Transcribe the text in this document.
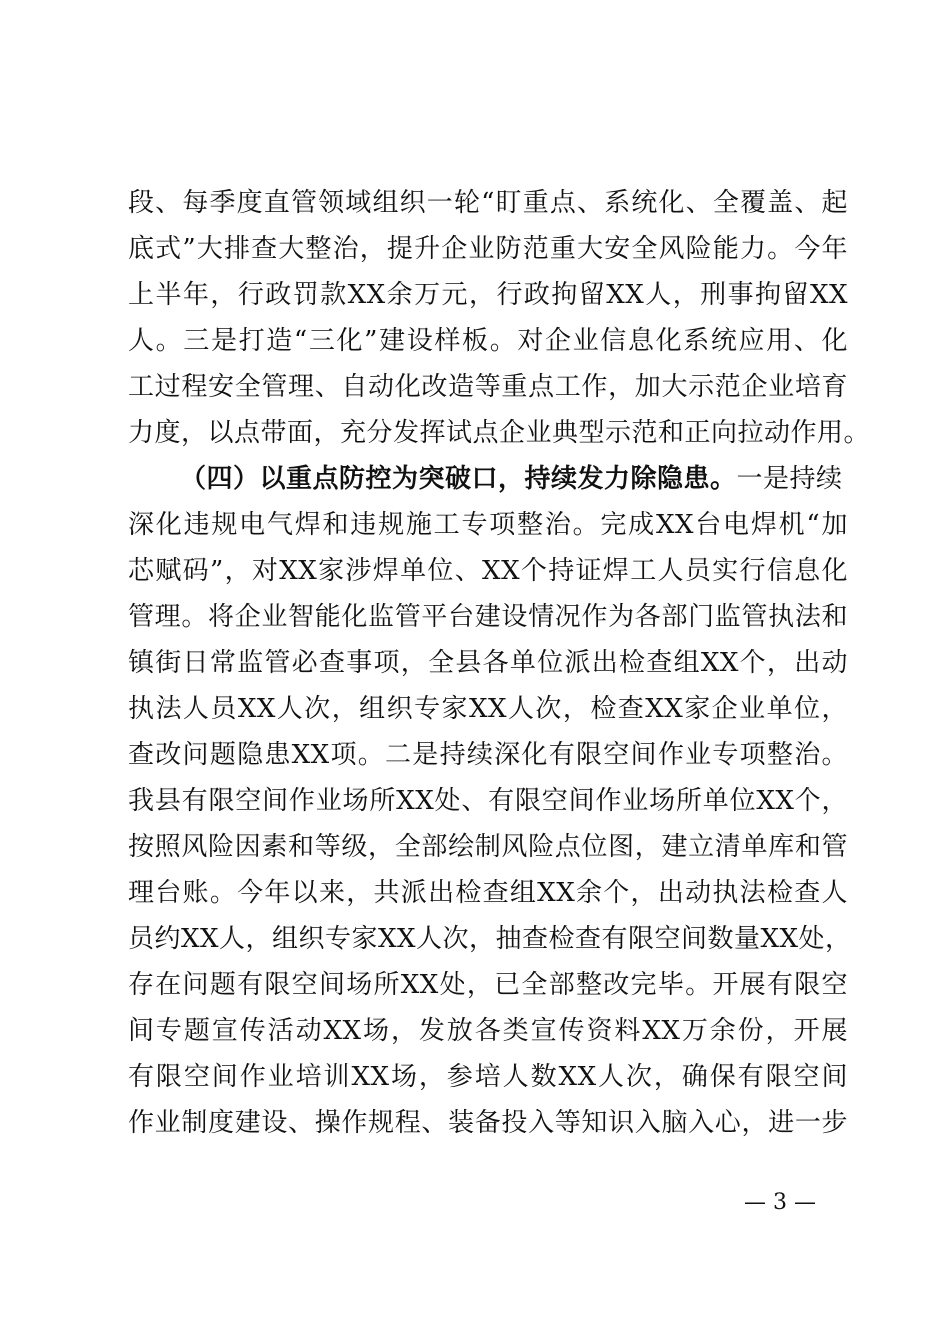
段、每季度直管领域组织一轮“盯重点、系统化、全覆盖、起
底式”大排查大整治，提升企业防范重大安全风险能力。今年
上半年，行政罚款XX余万元，行政拘留XX人，刑事拘留XX
人。三是打造“三化”建设样板。对企业信息化系统应用、化
工过程安全管理、自动化改造等重点工作，加大示范企业培育
力度，以点带面，充分发挥试点企业典型示范和正向拉动作用。
（四）以重点防控为突破口，持续发力除隐患。一是持续
深化违规电气焊和违规施工专项整治。完成XX台电焊机“加
芯赋码”，对XX家涉焊单位、XX个持证焊工人员实行信息化
管理。将企业智能化监管平台建设情况作为各部门监管执法和
镇街日常监管必查事项，全县各单位派出检查组XX个，出动
执法人员XX人次，组织专家XX人次，检查XX家企业单位，
查改问题隐患XX项。二是持续深化有限空间作业专项整治。
我县有限空间作业场所XX处、有限空间作业场所单位XX个，
按照风险因素和等级，全部绘制风险点位图，建立清单库和管
理台账。今年以来，共派出检查组XX余个，出动执法检查人
员约XX人，组织专家XX人次，抽查检查有限空间数量XX处，
存在问题有限空间场所XX处，已全部整改完毕。开展有限空
间专题宣传活动XX场，发放各类宣传资料XX万余份，开展
有限空间作业培训XX场，参培人数XX人次，确保有限空间
作业制度建设、操作规程、装备投入等知识入脑入心，进一步
— 3 —
